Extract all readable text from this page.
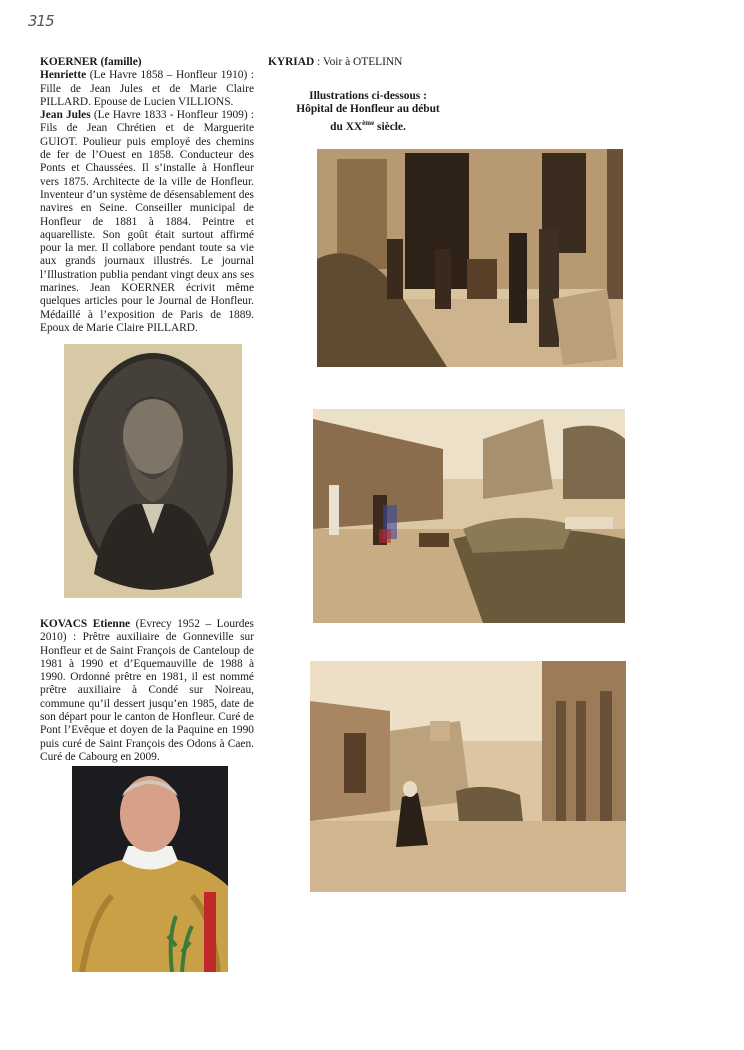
315

KOERNER (famille)

Henriette (Le Havre 1858 – Honfleur 1910) : Fille de Jean Jules et de Marie Claire PILLARD. Epouse de Lucien VILLIONS.

Jean Jules (Le Havre 1833 - Honfleur 1909) : Fils de Jean Chrétien et de Marguerite GUIOT. Poulieur puis employé des chemins de fer de l’Ouest en 1858. Conducteur des Ponts et Chaussées. Il s’installe à Honfleur vers 1875. Architecte de la ville de Honfleur. Inventeur d’un système de désensablement des navires en Seine. Conseiller municipal de Honfleur de 1881 à 1884. Peintre et aquarelliste. Son goût était surtout affirmé pour la mer. Il collabore pendant toute sa vie aux grands journaux illustrés. Le journal l’Illustration publia pendant vingt deux ans ses marines. Jean KOERNER écrivit même quelques articles pour le Journal de Honfleur. Médaillé à l’exposition de Paris de 1889. Epoux de Marie Claire PILLARD.

KOVACS Etienne (Evrecy 1952 – Lourdes 2010) : Prêtre auxiliaire de Gonneville sur Honfleur et de Saint François de Canteloup de 1981 à 1990 et d’Equemauville de 1988 à 1990. Ordonné prêtre en 1981, il est nommé prêtre auxiliaire à Condé sur Noireau, commune qu’il dessert jusqu’en 1985, date de son départ pour le canton de Honfleur. Curé de Pont l’Evêque et doyen de la Paquine en 1990 puis curé de Saint François des Odons à Caen. Curé de Cabourg en 2009.

KYRIAD : Voir à OTELINN

Illustrations ci-dessous :
Hôpital de Honfleur au début
du XXème siècle.
